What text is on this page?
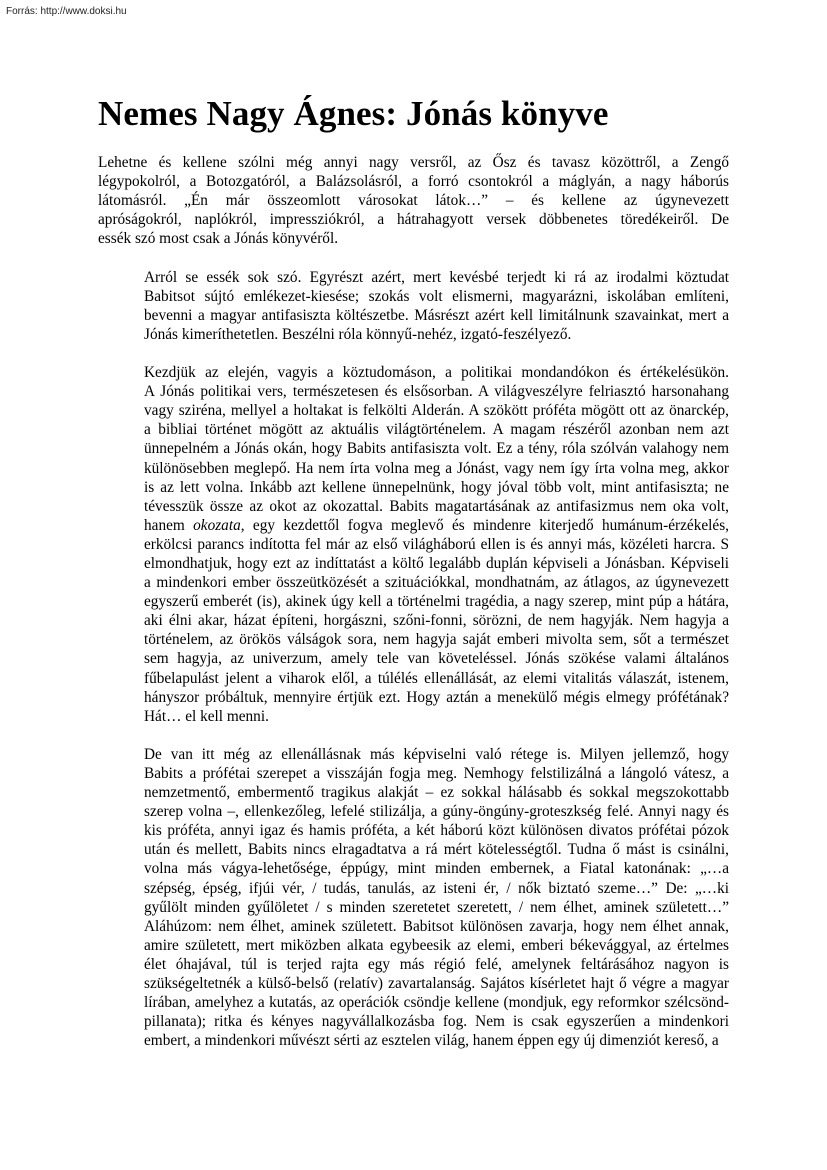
Forrás: http://www.doksi.hu
Nemes Nagy Ágnes: Jónás könyve

Lehetne és kellene szólni még annyi nagy versről, az Ősz és tavasz közöttről, a Zengő
légypokolról, a Botozgatóról, a Balázsolásról, a forró csontokról a máglyán, a nagy háborús
látomásról. „Én már összeomlott városokat látok…” – és kellene az úgynevezett
apróságokról, naplókról, impressziókról, a hátrahagyott versek döbbenetes töredékeiről. De
essék szó most csak a Jónás könyvéről.

Arról se essék sok szó. Egyrészt azért, mert kevésbé terjedt ki rá az irodalmi köztudat
Babitsot sújtó emlékezet-kiesése; szokás volt elismerni, magyarázni, iskolában említeni,
bevenni a magyar antifasiszta költészetbe. Másrészt azért kell limitálnunk szavainkat, mert a
Jónás kimeríthetetlen. Beszélni róla könnyű-nehéz, izgató-feszélyező.

Kezdjük az elején, vagyis a köztudomáson, a politikai mondandókon és értékelésükön.
A Jónás politikai vers, természetesen és elsősorban. A világveszélyre felriasztó harsonahang
vagy sziréna, mellyel a holtakat is felkölti Alderán. A szökött próféta mögött ott az önarckép,
a bibliai történet mögött az aktuális világtörténelem. A magam részéről azonban nem azt
ünnepelném a Jónás okán, hogy Babits antifasiszta volt. Ez a tény, róla szólván valahogy nem
különösebben meglepő. Ha nem írta volna meg a Jónást, vagy nem így írta volna meg, akkor
is az lett volna. Inkább azt kellene ünnepelnünk, hogy jóval több volt, mint antifasiszta; ne
tévesszük össze az okot az okozattal. Babits magatartásának az antifasizmus nem oka volt,
hanem okozata, egy kezdettől fogva meglevő és mindenre kiterjedő humánum-érzékelés,
erkölcsi parancs indította fel már az első világháború ellen is és annyi más, közéleti harcra. S
elmondhatjuk, hogy ezt az indíttatást a költő legalább duplán képviseli a Jónásban. Képviseli
a mindenkori ember összeütközését a szituációkkal, mondhatnám, az átlagos, az úgynevezett
egyszerű emberét (is), akinek úgy kell a történelmi tragédia, a nagy szerep, mint púp a hátára,
aki élni akar, házat építeni, horgászni, szőni-fonni, sörözni, de nem hagyják. Nem hagyja a
történelem, az örökös válságok sora, nem hagyja saját emberi mivolta sem, sőt a természet
sem hagyja, az univerzum, amely tele van követeléssel. Jónás szökése valami általános
fűbelapulást jelent a viharok elől, a túlélés ellenállását, az elemi vitalitás válaszát, istenem,
hányszor próbáltuk, mennyire értjük ezt. Hogy aztán a menekülő mégis elmegy prófétának?
Hát… el kell menni.

De van itt még az ellenállásnak más képviselni való rétege is. Milyen jellemző, hogy
Babits a prófétai szerepet a visszáján fogja meg. Nemhogy felstilizálná a lángoló vátesz, a
nemzetmentő, embermentő tragikus alakját – ez sokkal hálásabb és sokkal megszokottabb
szerep volna –, ellenkezőleg, lefelé stilizálja, a gúny-öngúny-groteszkség felé. Annyi nagy és
kis próféta, annyi igaz és hamis próféta, a két háború közt különösen divatos prófétai pózok
után és mellett, Babits nincs elragadtatva a rá mért kötelességtől. Tudna ő mást is csinálni,
volna más vágya-lehetősége, éppúgy, mint minden embernek, a Fiatal katonának: „…a
szépség, épség, ifjúi vér, / tudás, tanulás, az isteni ér, / nők biztató szeme…” De: „…ki
gyűlölt minden gyűlöletet / s minden szeretetet szeretett, / nem élhet, aminek született…”
Aláhúzom: nem élhet, aminek született. Babitsot különösen zavarja, hogy nem élhet annak,
amire született, mert miközben alkata egybeesik az elemi, emberi békevággyal, az értelmes
élet óhajával, túl is terjed rajta egy más régió felé, amelynek feltárásához nagyon is
szükségeltetnék a külső-belső (relatív) zavartalanság. Sajátos kísérletet hajt ő végre a magyar
lírában, amelyhez a kutatás, az operációk csöndje kellene (mondjuk, egy reformkor szélcsönd-
pillanata); ritka és kényes nagyvállalkozásba fog. Nem is csak egyszerűen a mindenkori
embert, a mindenkori művészt sérti az esztelen világ, hanem éppen egy új dimenziót kereső, a
